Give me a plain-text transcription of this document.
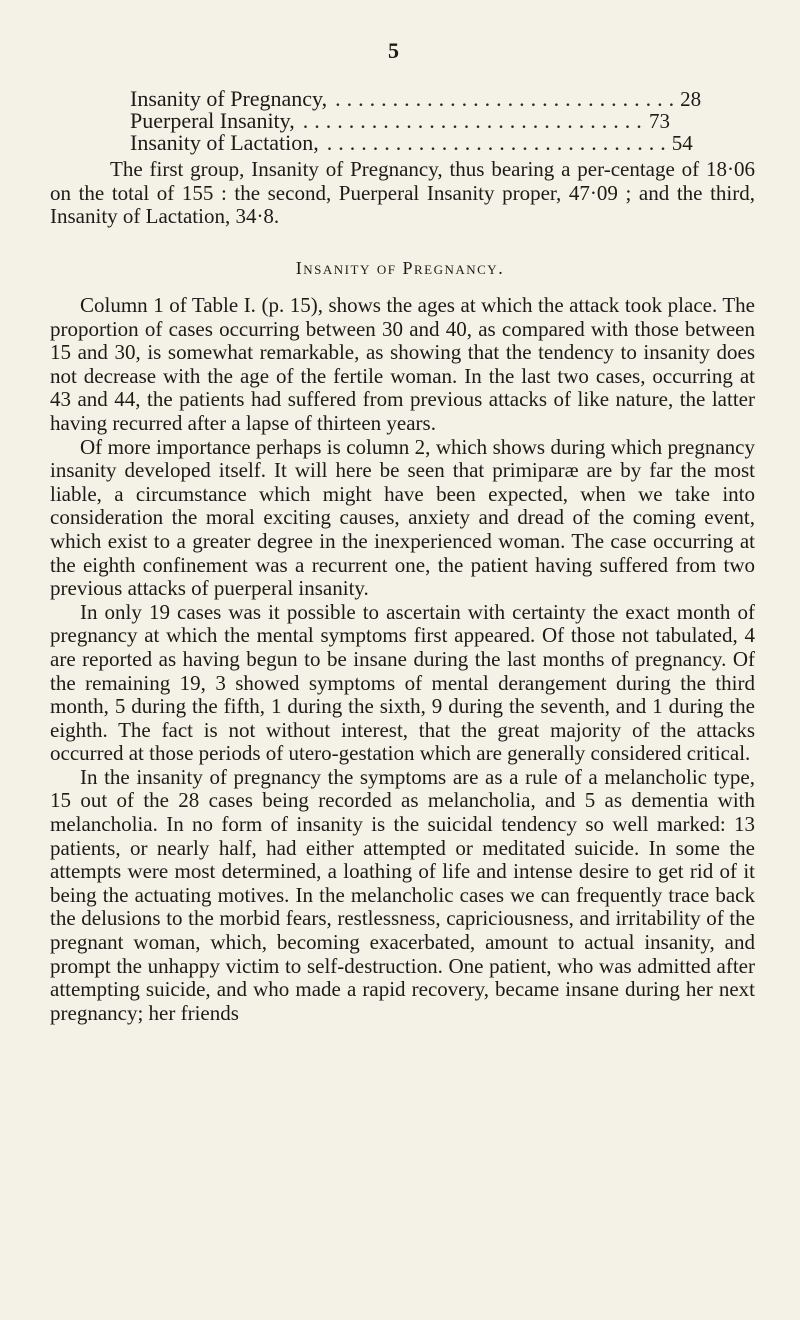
5
Insanity of Pregnancy, .............................. 28
Puerperal Insanity, .............................. 73
Insanity of Lactation, .............................. 54
The first group, Insanity of Pregnancy, thus bearing a per-centage of 18·06 on the total of 155 : the second, Puerperal Insanity proper, 47·09 ; and the third, Insanity of Lactation, 34·8.
Insanity of Pregnancy.

Column 1 of Table I. (p. 15), shows the ages at which the attack took place. The proportion of cases occurring between 30 and 40, as compared with those between 15 and 30, is somewhat remarkable, as showing that the tendency to insanity does not decrease with the age of the fertile woman. In the last two cases, occurring at 43 and 44, the patients had suffered from previous attacks of like nature, the latter having recurred after a lapse of thirteen years.

Of more importance perhaps is column 2, which shows during which pregnancy insanity developed itself. It will here be seen that primiparæ are by far the most liable, a circumstance which might have been expected, when we take into consideration the moral exciting causes, anxiety and dread of the coming event, which exist to a greater degree in the inexperienced woman. The case occurring at the eighth confinement was a recurrent one, the patient having suffered from two previous attacks of puerperal insanity.

In only 19 cases was it possible to ascertain with certainty the exact month of pregnancy at which the mental symptoms first appeared. Of those not tabulated, 4 are reported as having begun to be insane during the last months of pregnancy. Of the remaining 19, 3 showed symptoms of mental derangement during the third month, 5 during the fifth, 1 during the sixth, 9 during the seventh, and 1 during the eighth. The fact is not without interest, that the great majority of the attacks occurred at those periods of utero-gestation which are generally considered critical.

In the insanity of pregnancy the symptoms are as a rule of a melancholic type, 15 out of the 28 cases being recorded as melancholia, and 5 as dementia with melancholia. In no form of insanity is the suicidal tendency so well marked: 13 patients, or nearly half, had either attempted or meditated suicide. In some the attempts were most determined, a loathing of life and intense desire to get rid of it being the actuating motives. In the melancholic cases we can frequently trace back the delusions to the morbid fears, restlessness, capriciousness, and irritability of the pregnant woman, which, becoming exacerbated, amount to actual insanity, and prompt the unhappy victim to self-destruction. One patient, who was admitted after attempting suicide, and who made a rapid recovery, became insane during her next pregnancy; her friends
